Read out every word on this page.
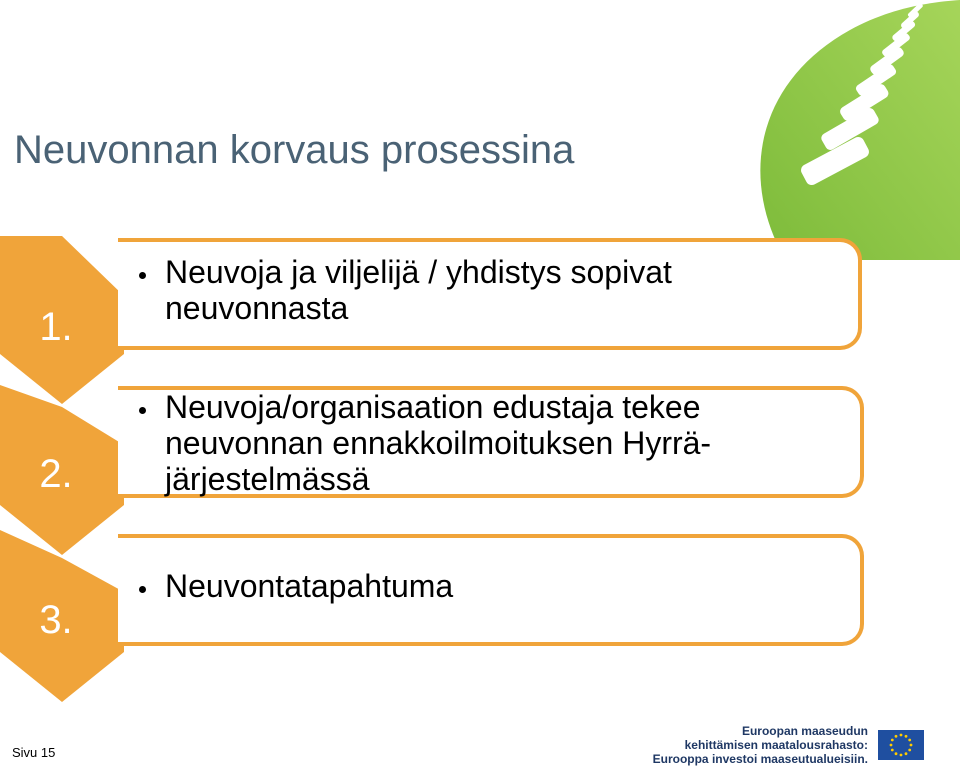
Neuvonnan korvaus prosessina
1.
Neuvoja ja viljelijä / yhdistys sopivat
neuvonnasta
2.
Neuvoja/organisaation edustaja tekee
neuvonnan ennakkoilmoituksen Hyrrä-
järjestelmässä
3.
Neuvontatapahtuma
Sivu 15
Euroopan maaseudun
kehittämisen maatalousrahasto:
Eurooppa investoi maaseutualueisiin.
